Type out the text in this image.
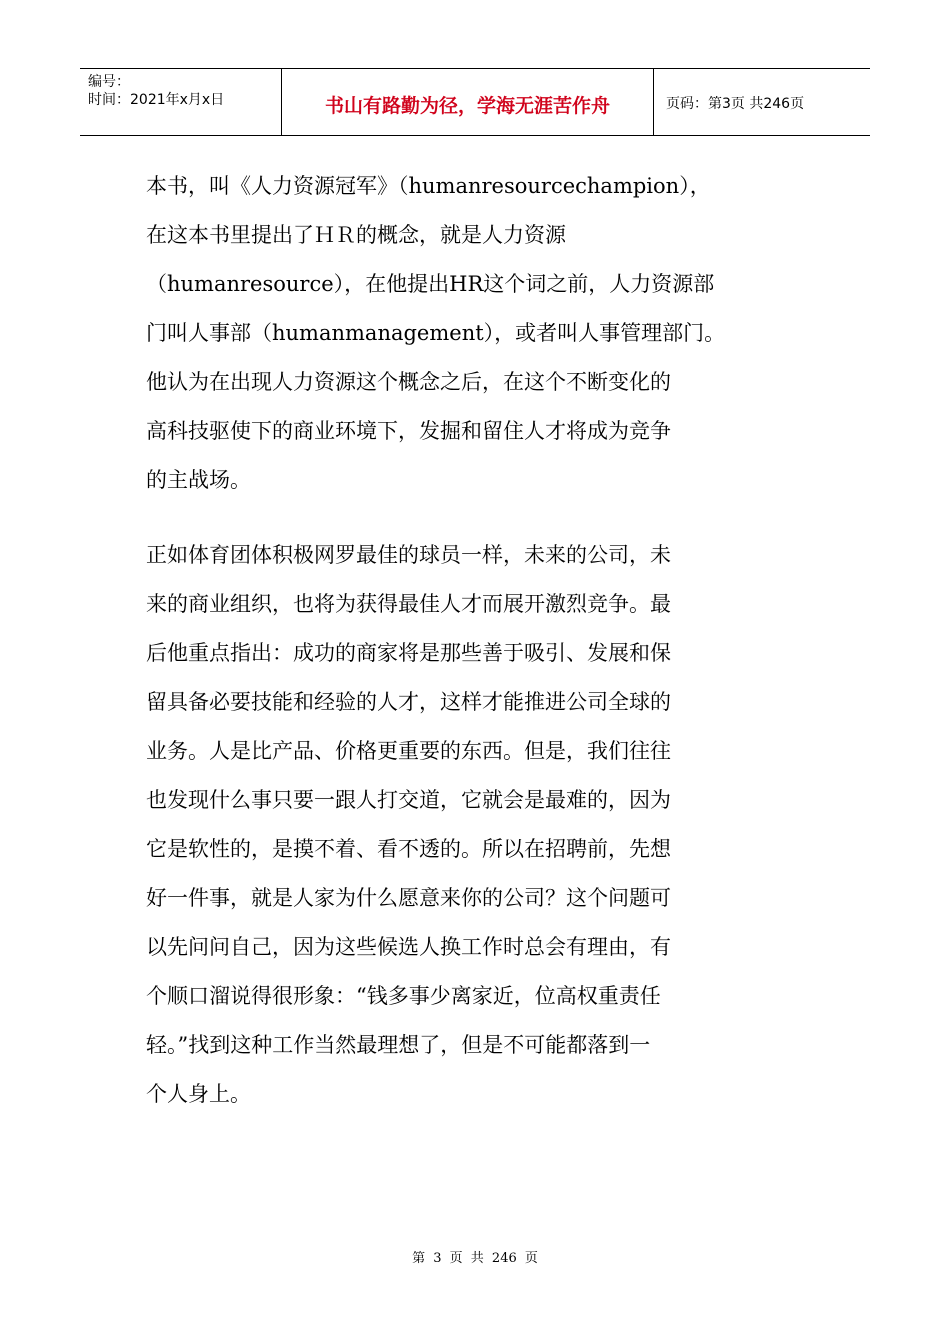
编号：
时间：2021年x月x日	书山有路勤为径，学海无涯苦作舟	页码：第3页 共246页

本书，叫《人力资源冠军》（humanresourcechampion），
在这本书里提出了ＨＲ的概念，就是人力资源
（humanresource），在他提出HR这个词之前，人力资源部
门叫人事部（humanmanagement），或者叫人事管理部门。
他认为在出现人力资源这个概念之后，在这个不断变化的
高科技驱使下的商业环境下，发掘和留住人才将成为竞争
的主战场。

正如体育团体积极网罗最佳的球员一样，未来的公司，未
来的商业组织，也将为获得最佳人才而展开激烈竞争。最
后他重点指出：成功的商家将是那些善于吸引、发展和保
留具备必要技能和经验的人才，这样才能推进公司全球的
业务。人是比产品、价格更重要的东西。但是，我们往往
也发现什么事只要一跟人打交道，它就会是最难的，因为
它是软性的，是摸不着、看不透的。所以在招聘前，先想
好一件事，就是人家为什么愿意来你的公司？这个问题可
以先问问自己，因为这些候选人换工作时总会有理由，有
个顺口溜说得很形象：“钱多事少离家近，位高权重责任
轻。”找到这种工作当然最理想了，但是不可能都落到一
个人身上。

第 3 页 共 246 页
